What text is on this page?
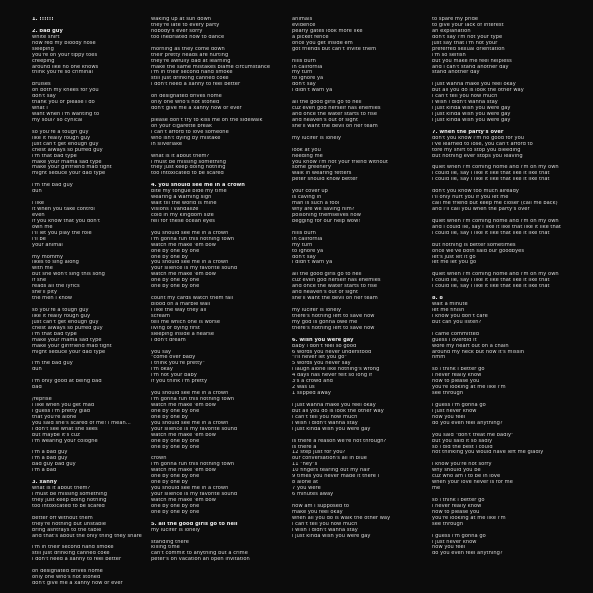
1. !!!!!!

2. bad guy
white shirt
now red my bloody nose
sleeping
you're on your tippy toes
creeping
around like no one knows
think you're so criminal

bruises
on both my knees for you
don't say
thank you or please i do
what i
want when i'm wanting to
my soul? so cynical

so you're a tough guy
like it really rough guy
just can't get enough guy
chest always so puffed guy
i'm that bad type
make your mama sad type
make your girlfriend mad tight
might seduce your dad type

i'm the bad guy
duh

i like
it when you take control
even
if you know that you don't
own me
i'll let you play the role
i'll be
your animal

my mommy
likes to sing along
with me
but she won't sing this song
if she
reads all the lyrics
she'll pity
the men i know

so you're a tough guy
like it really rough guy
just can't get enough guy
chest always so puffed guy
i'm that bad type
make your mama sad type
make your girlfriend mad tight
might seduce your dad type

i'm the bad guy
duh

i'm only good at being bad
bad

/reprise
i like when you get mad
i guess i'm pretty glad
that you're alone
you said she's scared of me! i mean...
i don't see what she sees
but maybe it's cuz
i'm wearing your cologne

i'm a bad guy
i'm a bad guy
bad guy bad guy
i'm a bad

3. xanny
what is it about them?
i must be missing something
they just keep doing nothing
too intoxicated to be scared

better off without them
they're nothing but unstable
bring ashtrays to the table
and that's about the only thing they share

i'm in their second hand smoke
still just drinking canned coke
i don't need a xanny to feel better

on designated drives home
only one who's not stoned
don't give me a xanny now or ever
waking up at sun down
they're late to every party
nobody's ever sorry
too inebriated now to dance

morning as they come down
their pretty heads are hurting
they're awfully bad at learning
make the same mistakes blame circumstance
i'm in their second hand smoke
still just drinking canned coke
i don't need a xanny to feel better

on designated drives home
only one who's not stoned
don't give me a xanny now or ever

please don't try to kiss me on the sidewalk
on your cigarette break
i can't afford to love someone
who isn't dying by mistake
in silverlake

what is it about them?
i must be missing something
they just keep doing nothing
too intoxicated to be scared

4. you should see me in a crown
bite my tongue bide my time
wearing a warning sign
wait till the world is mine
visions i vandalize
cold in my kingdom size
fell for these ocean eyes

you should see me in a crown
i'm gonna run this nothing town
watch me make 'em bow
one by one by one
one by one by
you should see me in a crown
your silence is my favorite sound
watch me make 'em bow
one by one by one
one by one by one

count my cards watch them fall
blood on a marble wall
i like the way they all
scream
tell me which one is worse
living or dying first
sleeping inside a hearse
i don't dream

you say
"come over baby
i think you're pretty"
i'm okay
i'm not your baby
if you think i'm pretty

you should see me in a crown
i'm gonna run this nothing town
watch me make 'em bow
one by one by one
one by one by
you should see me in a crown
your silence is my favorite sound
watch me make 'em bow
one by one by one
one by one by one

crown
i'm gonna run this nothing town
watch me make 'em bow
one by one by one
one by one by
you should see me in a crown
your silence is my favorite sound
watch me make 'em bow
one by one by one
one by one by one

5. all the good girls go to hell
my lucifer is lonely

standing there
killing time
can't commit to anything but a crime
peter's on vacation an open invitation
animals
evidence
pearly gates look more like
a picket fence
once you get inside em
got friends but can't invite them

hills burn
in california
my turn
to ignore ya
don't say
i didn't warn ya

all the good girls go to hell
cuz even god herself has enemies
and once the water starts to rise
and heaven's out of sight
she'll want the devil on her team

my lucifer is lonely

look at you
needing me
you know i'm not your friend without
some greenery
walk in wearing fetters
peter should know better

your cover up
is caving in
man is such a fool
why are we saving him?
poisoning themselves now
begging for our help wow!

hills burn
in california
my turn
to ignore ya
don't say
i didn't warn ya

all the good girls go to hell
cuz even god herself has enemies
and once the water starts to rise
and heaven's out of sight
she'll want the devil on her team

my lucifer is lonely
there's nothing left to save now
my god is gonna owe me
there's nothing left to save now

6. wish you were gay
baby i don't feel so good
6 words you never understood
"i'll never let you go"
5 words you never say
i laugh alone like nothing's wrong
4 days has never felt so long if
3's a crowd and
2 was us
1 slipped away

i just wanna make you feel okay
but all you do is look the other way
i can't tell you how much
i wish i didn't wanna stay
i just kinda wish you were gay

is there a reason we're not through?
is there a
12 step just for you?
our conversation's all in blue
11 "hey"s
10 fingers tearing out my hair
9 times you never made it there i
8 alone at
7 you were
6 minutes away

how am i supposed to
make you feel okay
when all you do is walk the other way
i can't tell you how much
i wish i didn't wanna stay
i just kinda wish you were gay
to spare my pride
to give your lack of interest
an explanation
don't say i'm not your type
just say that i'm not your
preferred sexual orientation
i'm so selfish
but you make me feel helpless
and i can't stand another day
stand another day

i just wanna make you feel okay
but all you do is look the other way
i can't tell you how much
i wish i didn't wanna stay
i just kinda wish you were gay
i just kinda wish you were gay
i just kinda wish you were gay

7. when the party's over
don't you know i'm no good for you
i've learned to lose, you can't afford to
tore my shirt to stop you bleeding
but nothing ever stops you leaving

quiet when i'm coming home and i'm on my own
i could lie, say i like it like that like it like that
i could lie, say i like it like that like it like that

don't you know too much already
i'll only hurt you if you let me
call me friend but keep me closer (call me back)
and i'll call you when the party's over

quiet when i'm coming home and i'm on my own
and i could lie, say i like it like that like it like that
i could lie, say i like it like that like it like that

but nothing is better sometimes
once we've both said our goodbyes
let's just let it go
let me let you go

quiet when i'm coming home and i'm on my own
i could lie, say i like it like that like it like that
i could lie, say i like it like that like it like that

8. 8
wait a minute
let me finish
i know you don't care
but can you listen?

i came committed
guess i overdid it
wore my heart out on a chain
around my neck but now it's missin
hmm

so i think i better go
i never really know
how to please you
you're looking at me like i'm
see through

i guess i'm gonna go
i just never know
how you feel
do you even feel anything?

you said "don't treat me badly"
but you said it so sadly
so i did the best i could
not thinking you would have left me gladly

i know you're not sorry
why should you be
cuz who am i to be in love
when your love never is for me
me

so i think i better go
i never really know
how to please you
you're looking at me like i'm
see through

i guess i'm gonna go
i just never know
how you feel
do you even feel anything?
